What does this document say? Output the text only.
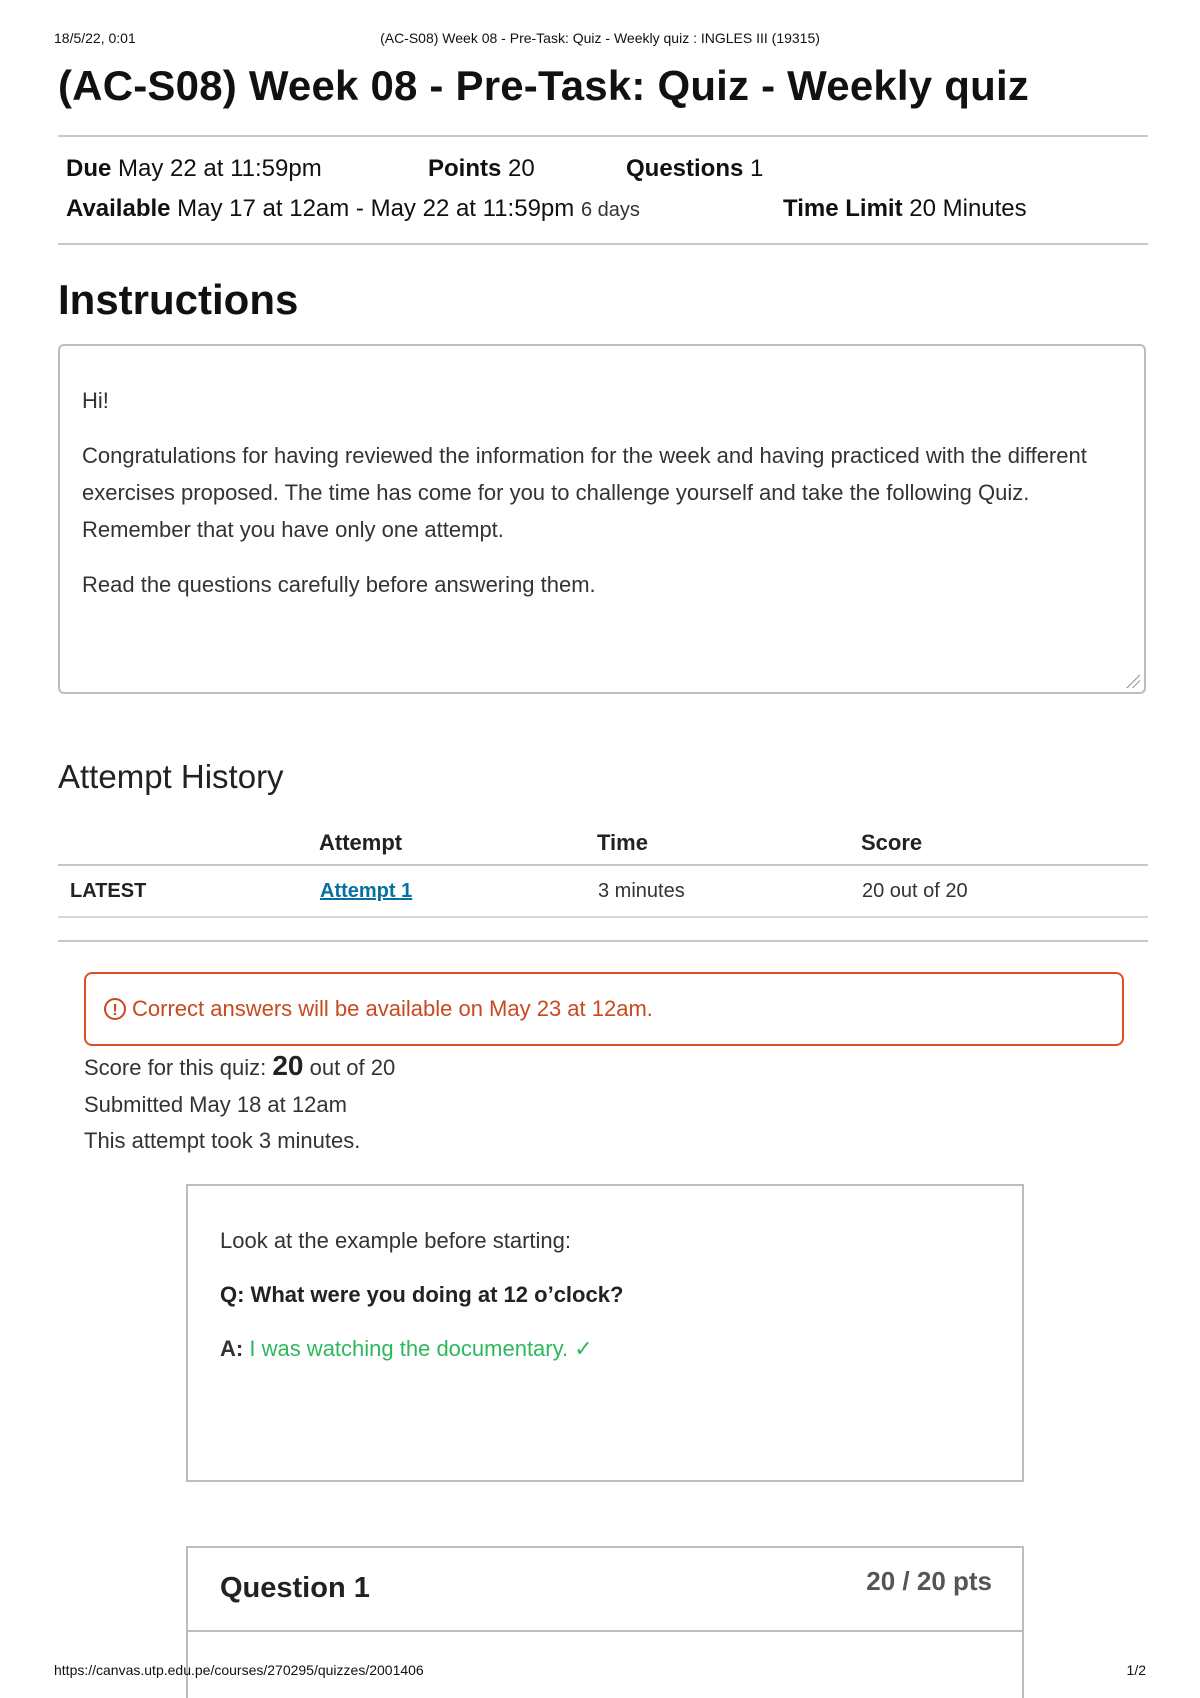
18/5/22, 0:01	(AC-S08) Week 08 - Pre-Task: Quiz - Weekly quiz : INGLES III (19315)
(AC-S08) Week 08 - Pre-Task: Quiz - Weekly quiz
Due May 22 at 11:59pm	Points 20	Questions 1
Available May 17 at 12am - May 22 at 11:59pm 6 days	Time Limit 20 Minutes
Instructions

Hi!

Congratulations for having reviewed the information for the week and having practiced with the different exercises proposed. The time has come for you to challenge yourself and take the following Quiz. Remember that you have only one attempt.

Read the questions carefully before answering them.

Attempt History
	Attempt	Time	Score
LATEST	Attempt 1	3 minutes	20 out of 20
! Correct answers will be available on May 23 at 12am.
Score for this quiz: 20 out of 20
Submitted May 18 at 12am
This attempt took 3 minutes.

Look at the example before starting:

Q: What were you doing at 12 o’clock?

A: I was watching the documentary. ✓

Question 1	20 / 20 pts
https://canvas.utp.edu.pe/courses/270295/quizzes/2001406	1/2
